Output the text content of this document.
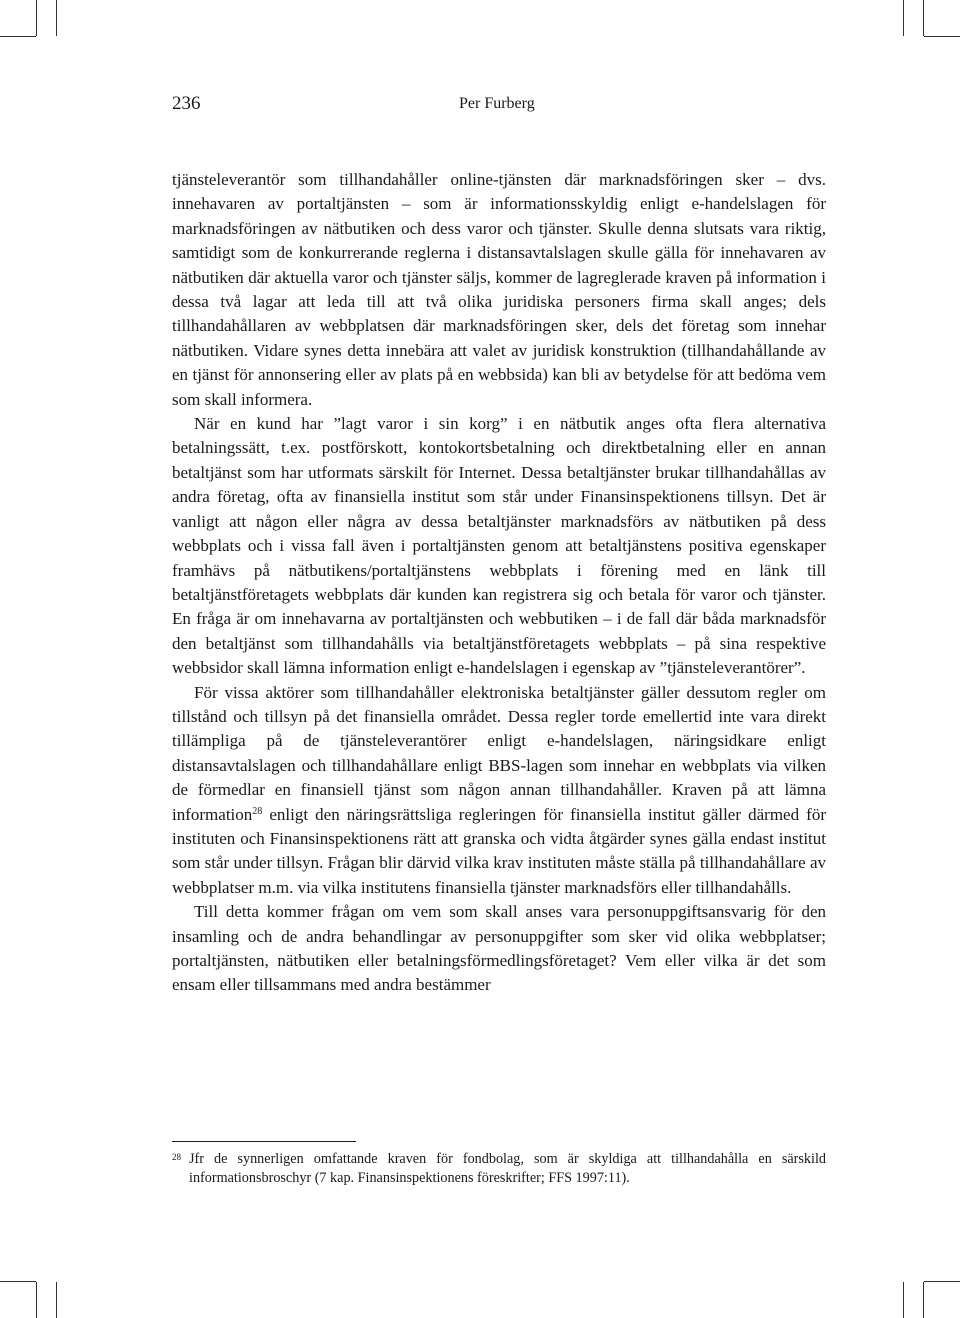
236	Per Furberg

tjänsteleverantör som tillhandahåller online-tjänsten där marknadsföringen sker – dvs. innehavaren av portaltjänsten – som är informationsskyldig enligt e-handelslagen för marknadsföringen av nätbutiken och dess varor och tjänster. Skulle denna slutsats vara riktig, samtidigt som de konkurrerande reglerna i distansavtalslagen skulle gälla för innehavaren av nätbutiken där aktuella varor och tjänster säljs, kommer de lagreglerade kraven på information i dessa två lagar att leda till att två olika juridiska personers firma skall anges; dels tillhandahållaren av webbplatsen där marknadsföringen sker, dels det företag som innehar nätbutiken. Vidare synes detta innebära att valet av juridisk konstruktion (tillhandahållande av en tjänst för annonsering eller av plats på en webbsida) kan bli av betydelse för att bedöma vem som skall informera.

När en kund har ”lagt varor i sin korg” i en nätbutik anges ofta flera alternativa betalningssätt, t.ex. postförskott, kontokortsbetalning och direktbetalning eller en annan betaltjänst som har utformats särskilt för Internet. Dessa betaltjänster brukar tillhandahållas av andra företag, ofta av finansiella institut som står under Finansinspektionens tillsyn. Det är vanligt att någon eller några av dessa betaltjänster marknadsförs av nätbutiken på dess webbplats och i vissa fall även i portaltjänsten genom att betaltjänstens positiva egenskaper framhävs på nätbutikens/portaltjänstens webbplats i förening med en länk till betaltjänstföretagets webbplats där kunden kan registrera sig och betala för varor och tjänster. En fråga är om innehavarna av portaltjänsten och webbutiken – i de fall där båda marknadsför den betaltjänst som tillhandahålls via betaltjänstföretagets webbplats – på sina respektive webbsidor skall lämna information enligt e-handelslagen i egenskap av ”tjänsteleverantörer”.

För vissa aktörer som tillhandahåller elektroniska betaltjänster gäller dessutom regler om tillstånd och tillsyn på det finansiella området. Dessa regler torde emellertid inte vara direkt tillämpliga på de tjänsteleverantörer enligt e-handelslagen, näringsidkare enligt distansavtalslagen och tillhandahållare enligt BBS-lagen som innehar en webbplats via vilken de förmedlar en finansiell tjänst som någon annan tillhandahåller. Kraven på att lämna information$^{28}$ enligt den näringsrättsliga regleringen för finansiella institut gäller därmed för instituten och Finansinspektionens rätt att granska och vidta åtgärder synes gälla endast institut som står under tillsyn. Frågan blir därvid vilka krav instituten måste ställa på tillhandahållare av webbplatser m.m. via vilka institutens finansiella tjänster marknadsförs eller tillhandahålls.

Till detta kommer frågan om vem som skall anses vara personuppgiftsansvarig för den insamling och de andra behandlingar av personuppgifter som sker vid olika webbplatser; portaltjänsten, nätbutiken eller betalningsförmedlingsföretaget? Vem eller vilka är det som ensam eller tillsammans med andra bestämmer

28 Jfr de synnerligen omfattande kraven för fondbolag, som är skyldiga att tillhandahålla en särskild informationsbroschyr (7 kap. Finansinspektionens föreskrifter; FFS 1997:11).
